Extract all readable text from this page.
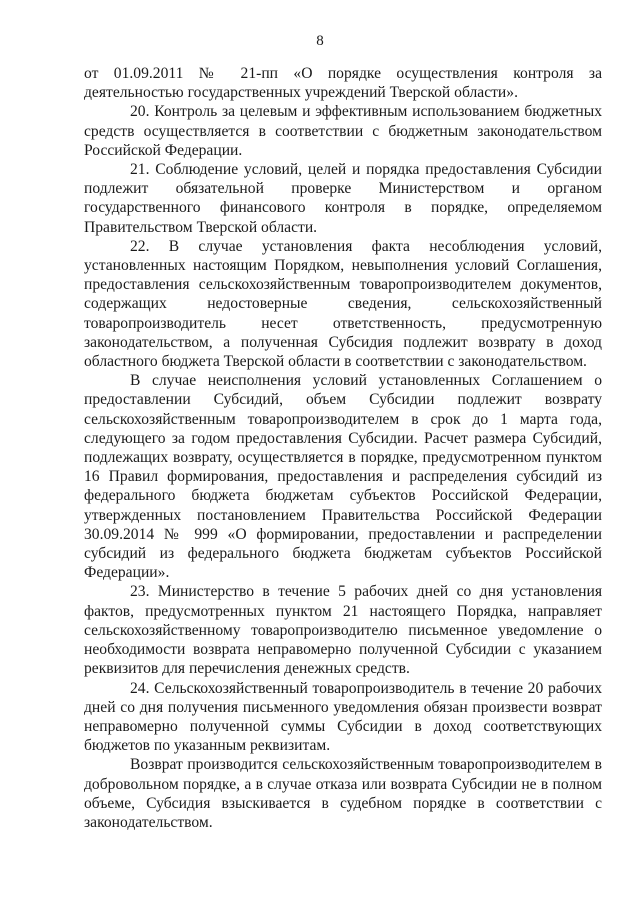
8

от 01.09.2011 № 21-пп «О порядке осуществления контроля за деятельностью государственных учреждений Тверской области».

20. Контроль за целевым и эффективным использованием бюджетных средств осуществляется в соответствии с бюджетным законодательством Российской Федерации.

21. Соблюдение условий, целей и порядка предоставления Субсидии подлежит обязательной проверке Министерством и органом государственного финансового контроля в порядке, определяемом Правительством Тверской области.

22. В случае установления факта несоблюдения условий, установленных настоящим Порядком, невыполнения условий Соглашения, предоставления сельскохозяйственным товаропроизводителем документов, содержащих недостоверные сведения, сельскохозяйственный товаропроизводитель несет ответственность, предусмотренную законодательством, а полученная Субсидия подлежит возврату в доход областного бюджета Тверской области в соответствии с законодательством.

В случае неисполнения условий установленных Соглашением о предоставлении Субсидий, объем Субсидии подлежит возврату сельскохозяйственным товаропроизводителем в срок до 1 марта года, следующего за годом предоставления Субсидии. Расчет размера Субсидий, подлежащих возврату, осуществляется в порядке, предусмотренном пунктом 16 Правил формирования, предоставления и распределения субсидий из федерального бюджета бюджетам субъектов Российской Федерации, утвержденных постановлением Правительства Российской Федерации 30.09.2014 № 999 «О формировании, предоставлении и распределении субсидий из федерального бюджета бюджетам субъектов Российской Федерации».

23. Министерство в течение 5 рабочих дней со дня установления фактов, предусмотренных пунктом 21 настоящего Порядка, направляет сельскохозяйственному товаропроизводителю письменное уведомление о необходимости возврата неправомерно полученной Субсидии с указанием реквизитов для перечисления денежных средств.

24. Сельскохозяйственный товаропроизводитель в течение 20 рабочих дней со дня получения письменного уведомления обязан произвести возврат неправомерно полученной суммы Субсидии в доход соответствующих бюджетов по указанным реквизитам.

Возврат производится сельскохозяйственным товаропроизводителем в добровольном порядке, а в случае отказа или возврата Субсидии не в полном объеме, Субсидия взыскивается в судебном порядке в соответствии с законодательством.
